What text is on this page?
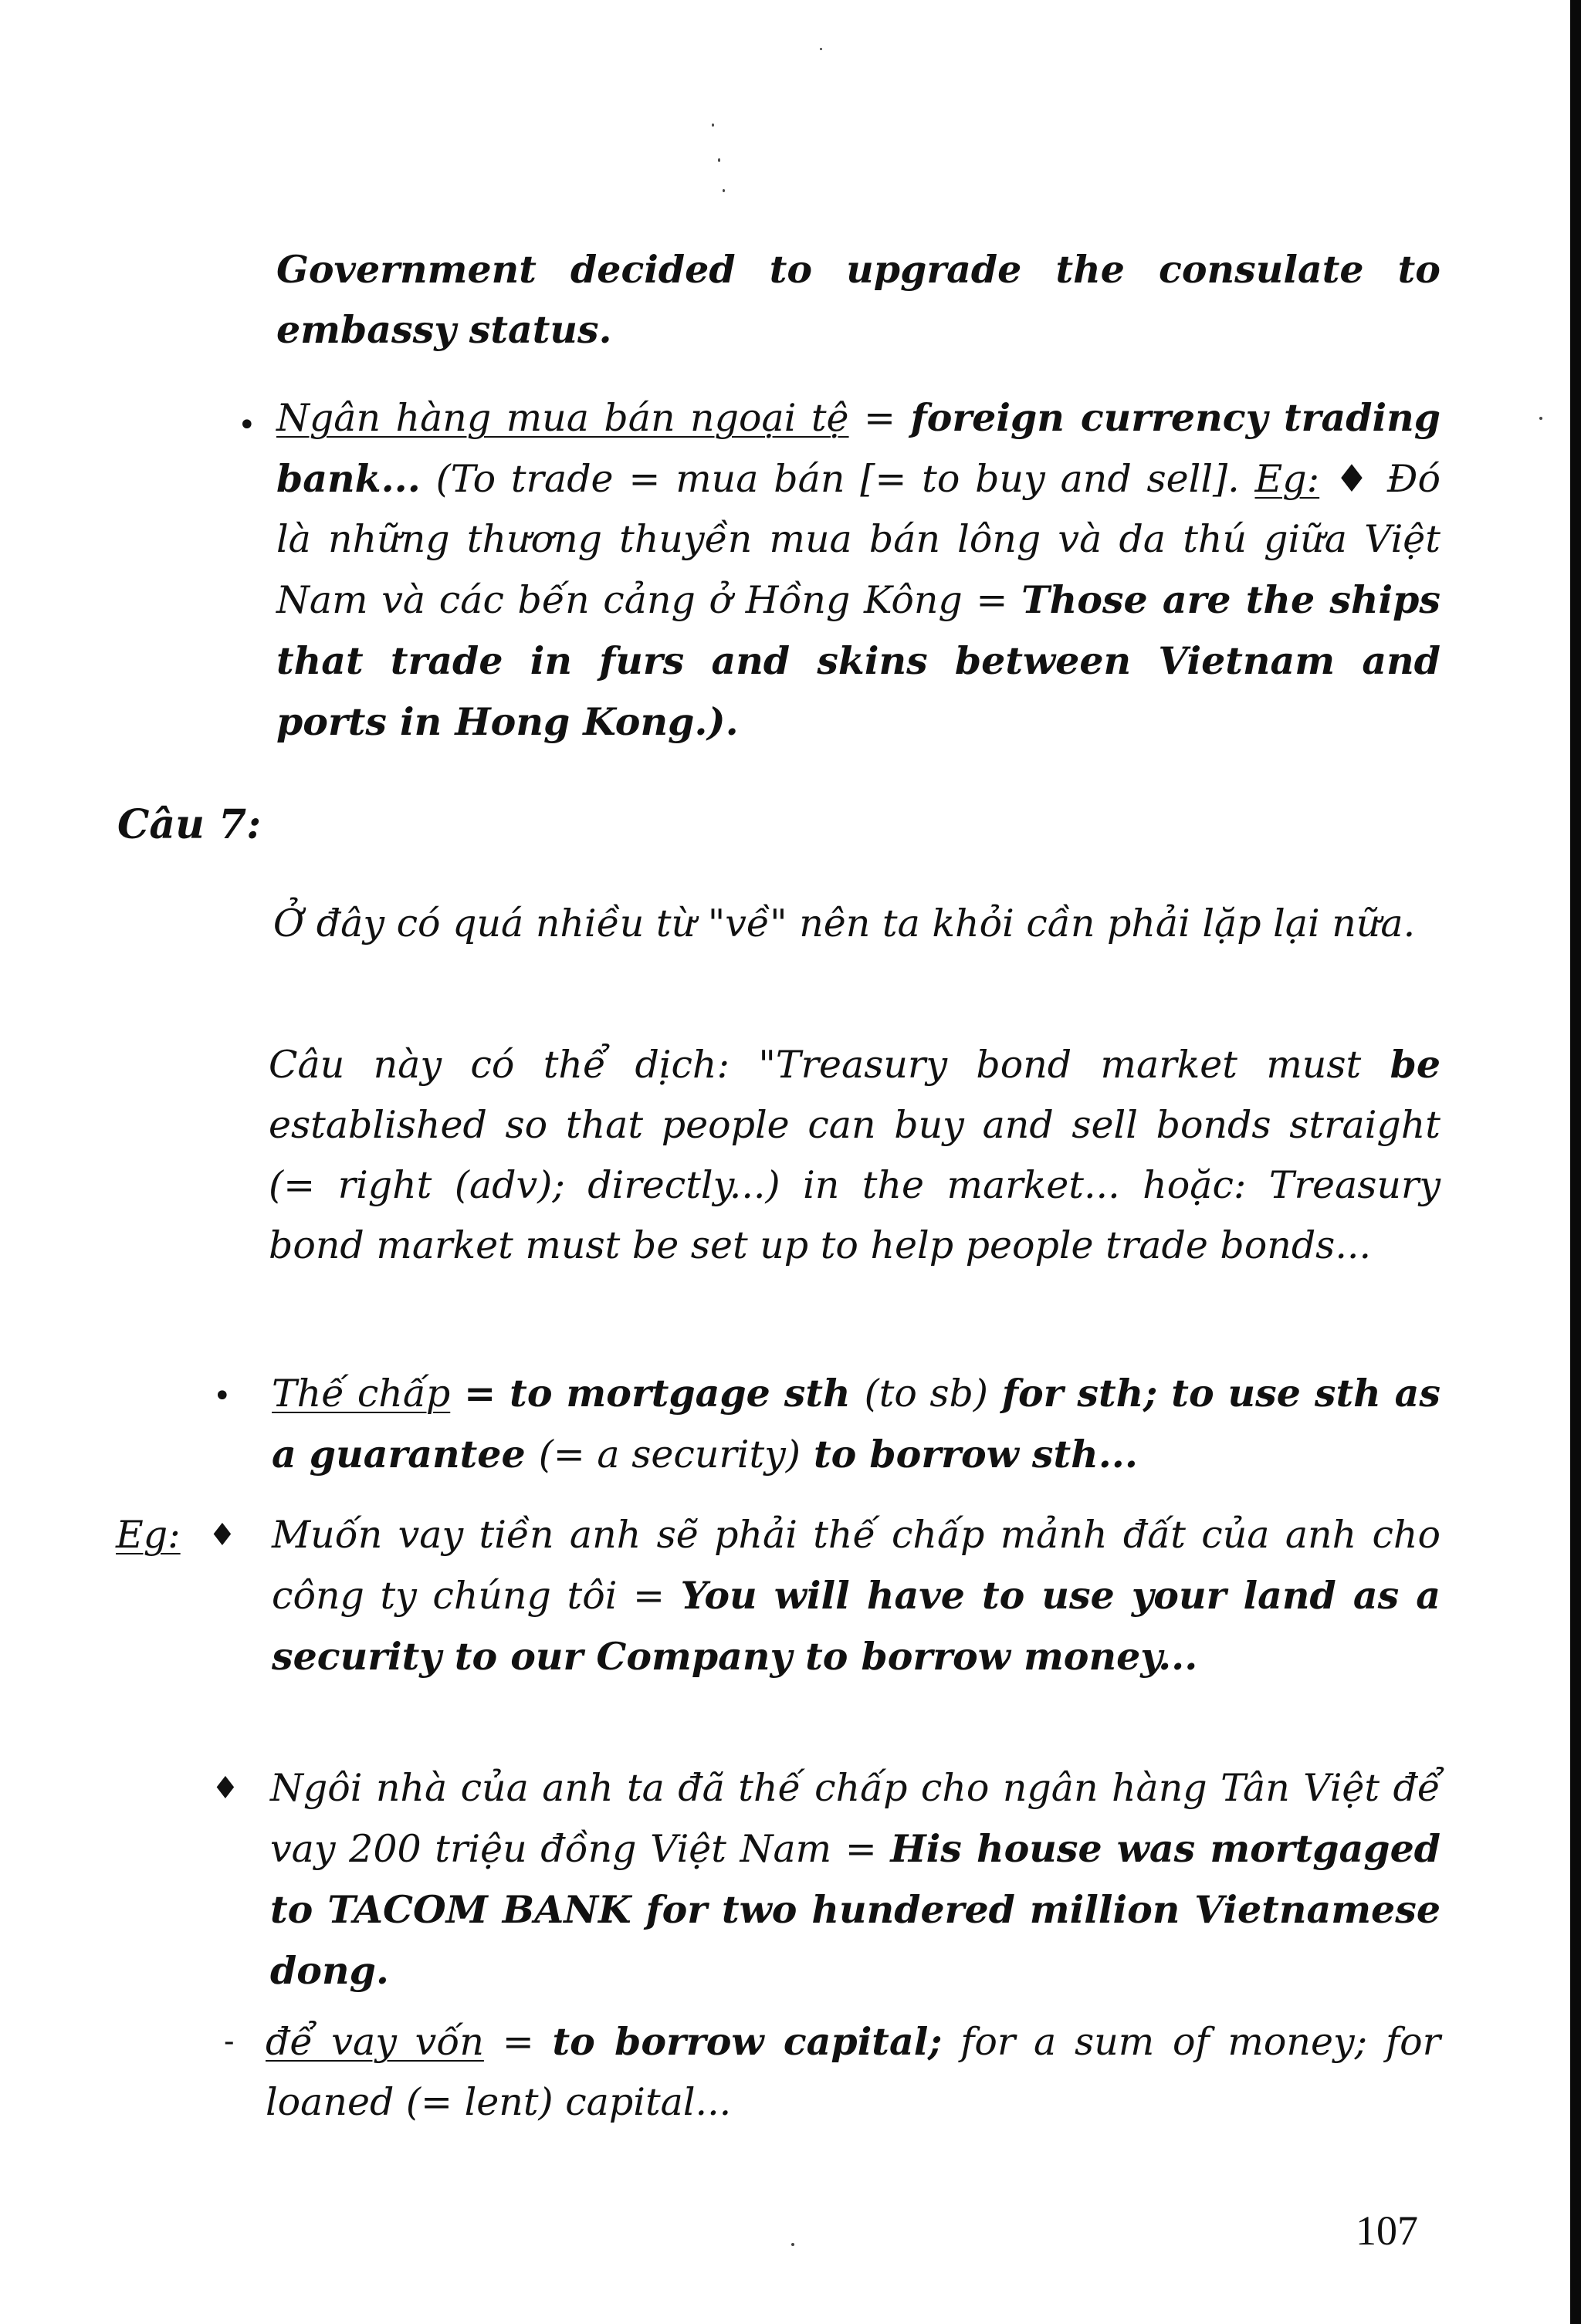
Government decided to upgrade the consulate to embassy status.

• Ngân hàng mua bán ngoại tệ = foreign currency trading bank... (To trade = mua bán [= to buy and sell]. Eg: ♦ Đó là những thương thuyền mua bán lông và da thú giữa Việt Nam và các bến cảng ở Hồng Kông = Those are the ships that trade in furs and skins between Vietnam and ports in Hong Kong.).

Câu 7:

Ở đây có quá nhiều từ "về" nên ta khỏi cần phải lặp lại nữa.

Câu này có thể dịch: "Treasury bond market must be established so that people can buy and sell bonds straight (= right (adv); directly...) in the market... hoặc: Treasury bond market must be set up to help people trade bonds...

• Thế chấp = to mortgage sth (to sb) for sth; to use sth as a guarantee (= a security) to borrow sth...

Eg: ♦ Muốn vay tiền anh sẽ phải thế chấp mảnh đất của anh cho công ty chúng tôi = You will have to use your land as a security to our Company to borrow money...

♦ Ngôi nhà của anh ta đã thế chấp cho ngân hàng Tân Việt để vay 200 triệu đồng Việt Nam = His house was mortgaged to TACOM BANK for two hundered million Vietnamese dong.

- để vay vốn = to borrow capital; for a sum of money; for loaned (= lent) capital...

107
